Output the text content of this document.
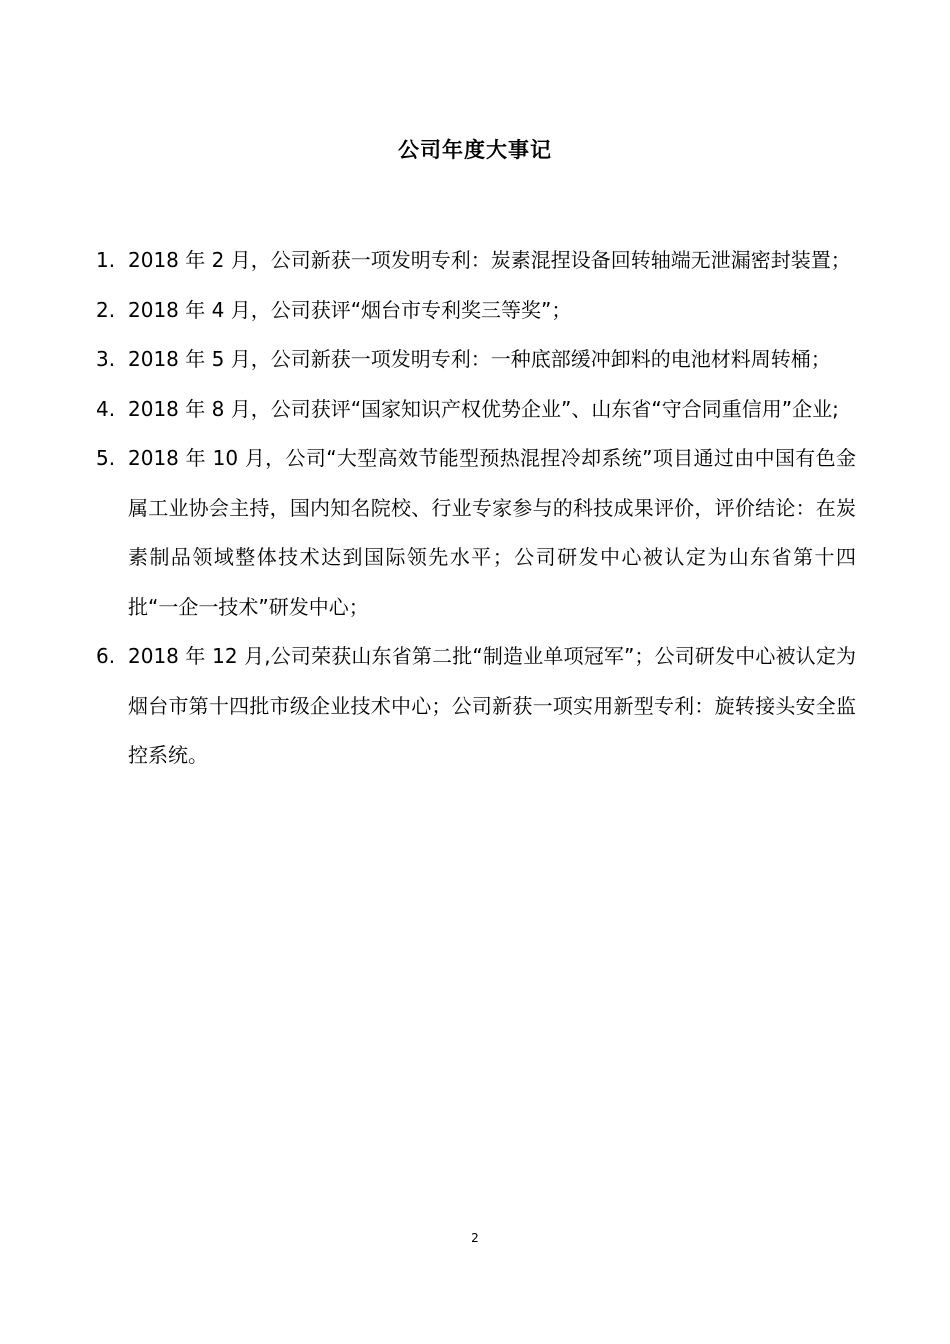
公司年度大事记
1. 2018 年 2 月，公司新获一项发明专利：炭素混捏设备回转轴端无泄漏密封装置；
2. 2018 年 4 月，公司获评“烟台市专利奖三等奖”；
3. 2018 年 5 月，公司新获一项发明专利：一种底部缓冲卸料的电池材料周转桶；
4. 2018 年 8 月，公司获评“国家知识产权优势企业”、山东省“守合同重信用”企业;
5. 2018 年 10 月，公司“大型高效节能型预热混捏冷却系统”项目通过由中国有色金属工业协会主持，国内知名院校、行业专家参与的科技成果评价，评价结论：在炭素制品领域整体技术达到国际领先水平；公司研发中心被认定为山东省第十四批“一企一技术”研发中心；
6. 2018 年 12 月,公司荣获山东省第二批“制造业单项冠军”；公司研发中心被认定为烟台市第十四批市级企业技术中心；公司新获一项实用新型专利：旋转接头安全监控系统。
2
